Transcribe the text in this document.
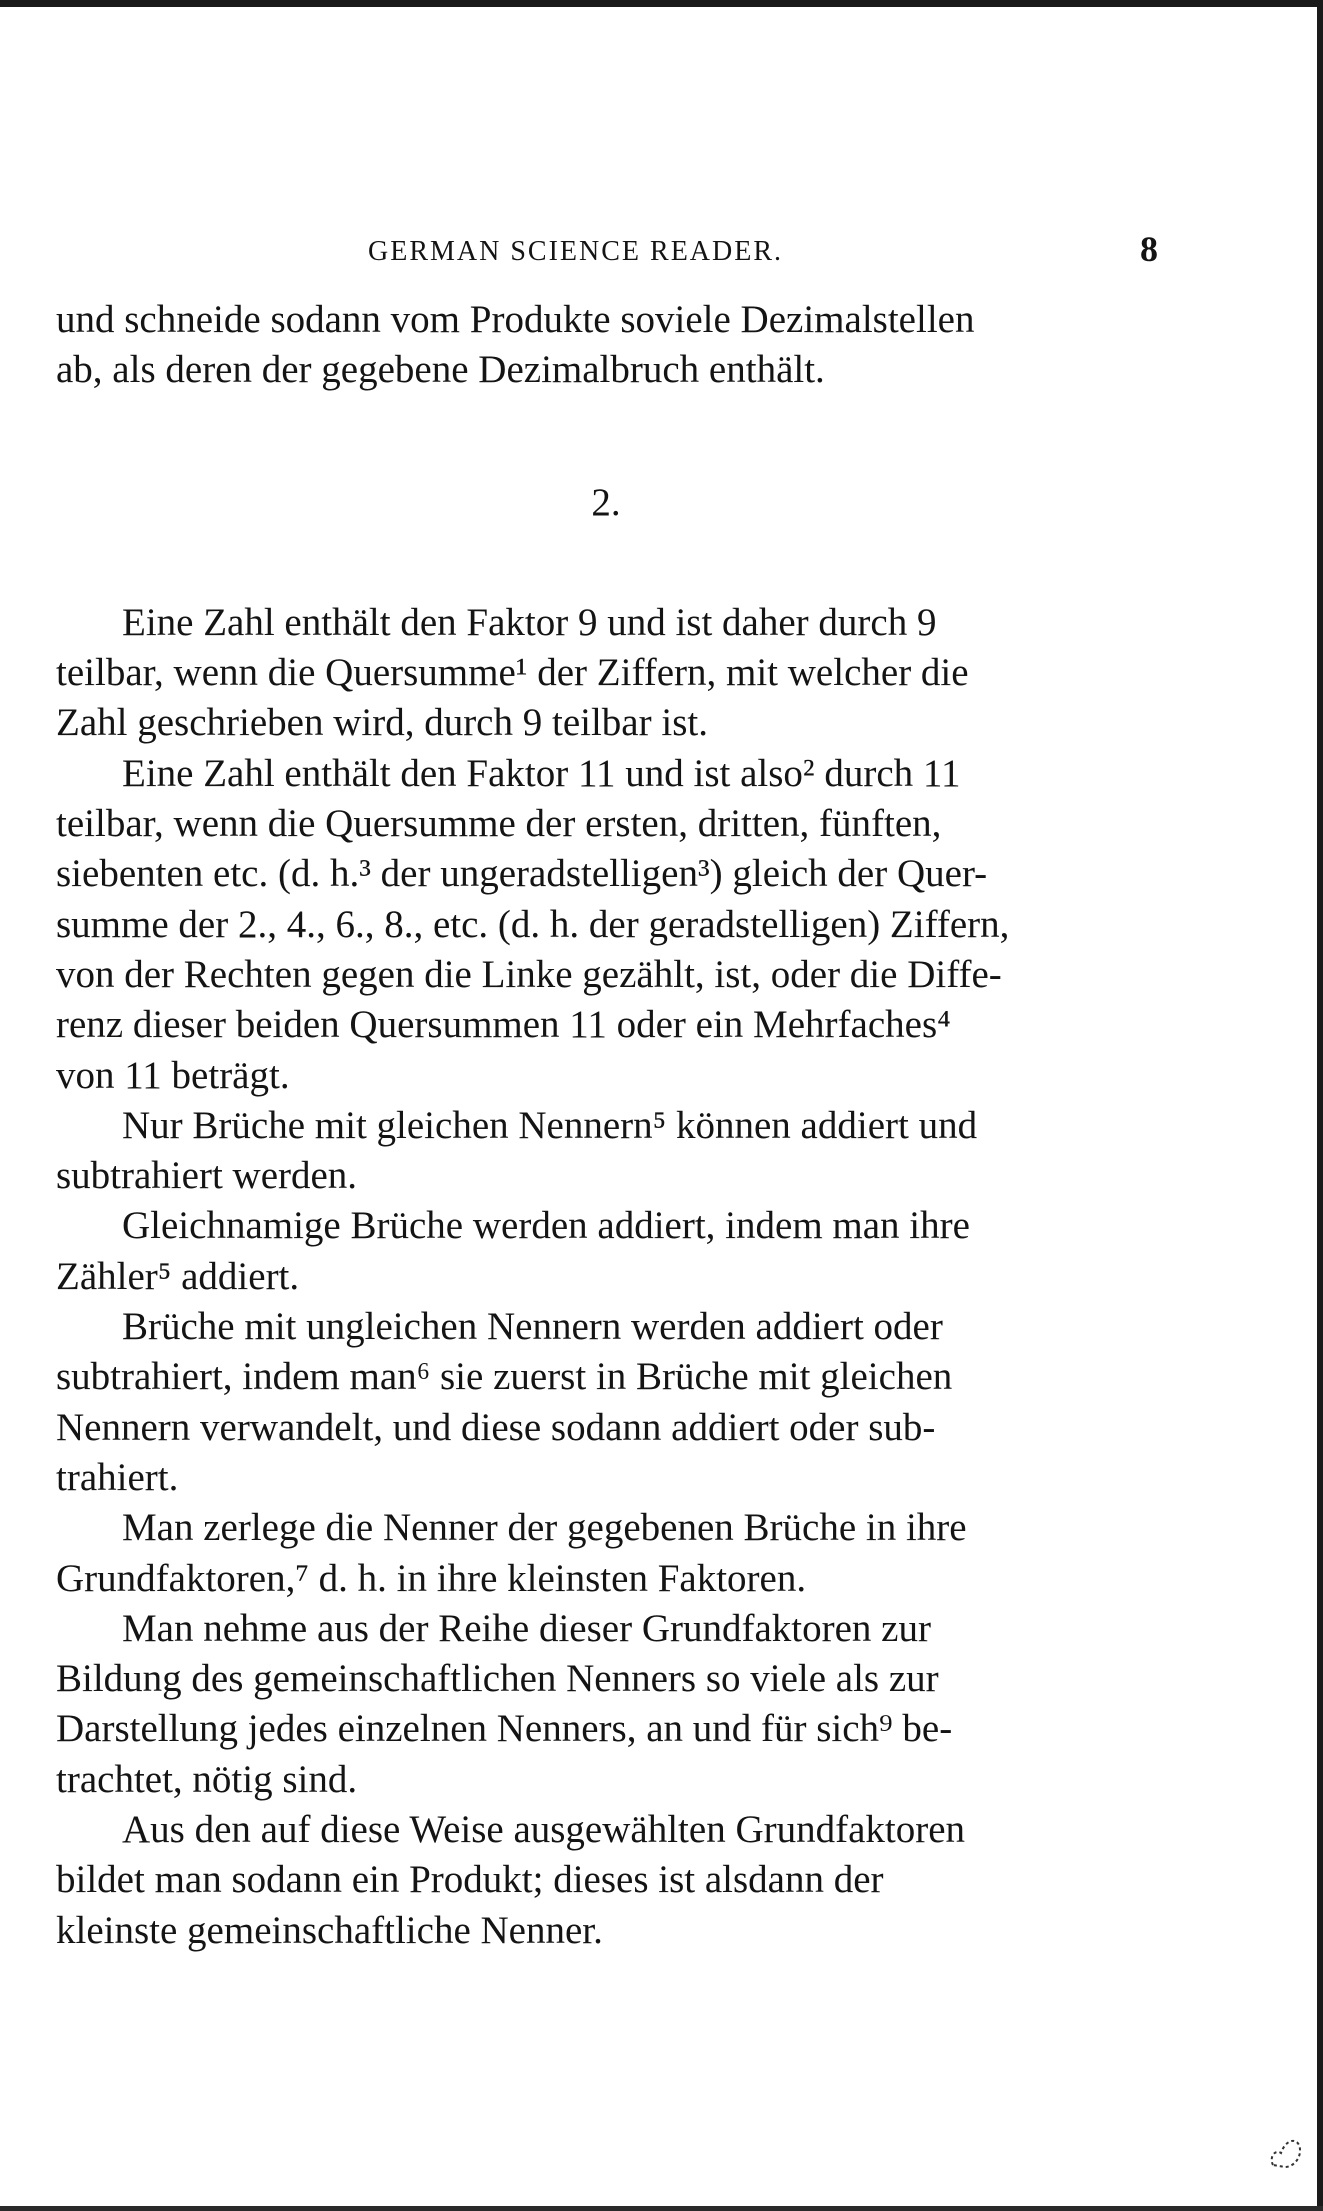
GERMAN SCIENCE READER.	8

und schneide sodann vom Produkte soviele Dezimalstellen
ab, als deren der gegebene Dezimalbruch enthält.

2.

Eine Zahl enthält den Faktor 9 und ist daher durch 9
teilbar, wenn die Quersumme¹ der Ziffern, mit welcher die
Zahl geschrieben wird, durch 9 teilbar ist.

Eine Zahl enthält den Faktor 11 und ist also² durch 11
teilbar, wenn die Quersumme der ersten, dritten, fünften,
siebenten etc. (d. h.³ der ungeradstelligen³) gleich der Quer-
summe der 2., 4., 6., 8., etc. (d. h. der geradstelligen) Ziffern,
von der Rechten gegen die Linke gezählt, ist, oder die Diffe-
renz dieser beiden Quersummen 11 oder ein Mehrfaches⁴
von 11 beträgt.

Nur Brüche mit gleichen Nennern⁵ können addiert und
subtrahiert werden.

Gleichnamige Brüche werden addiert, indem man ihre
Zähler⁵ addiert.

Brüche mit ungleichen Nennern werden addiert oder
subtrahiert, indem man⁶ sie zuerst in Brüche mit gleichen
Nennern verwandelt, und diese sodann addiert oder sub-
trahiert.

Man zerlege die Nenner der gegebenen Brüche in ihre
Grundfaktoren,⁷ d. h. in ihre kleinsten Faktoren.

Man nehme aus der Reihe dieser Grundfaktoren zur
Bildung des gemeinschaftlichen Nenners so viele als zur
Darstellung jedes einzelnen Nenners, an und für sich⁹ be-
trachtet, nötig sind.

Aus den auf diese Weise ausgewählten Grundfaktoren
bildet man sodann ein Produkt; dieses ist alsdann der
kleinste gemeinschaftliche Nenner.
